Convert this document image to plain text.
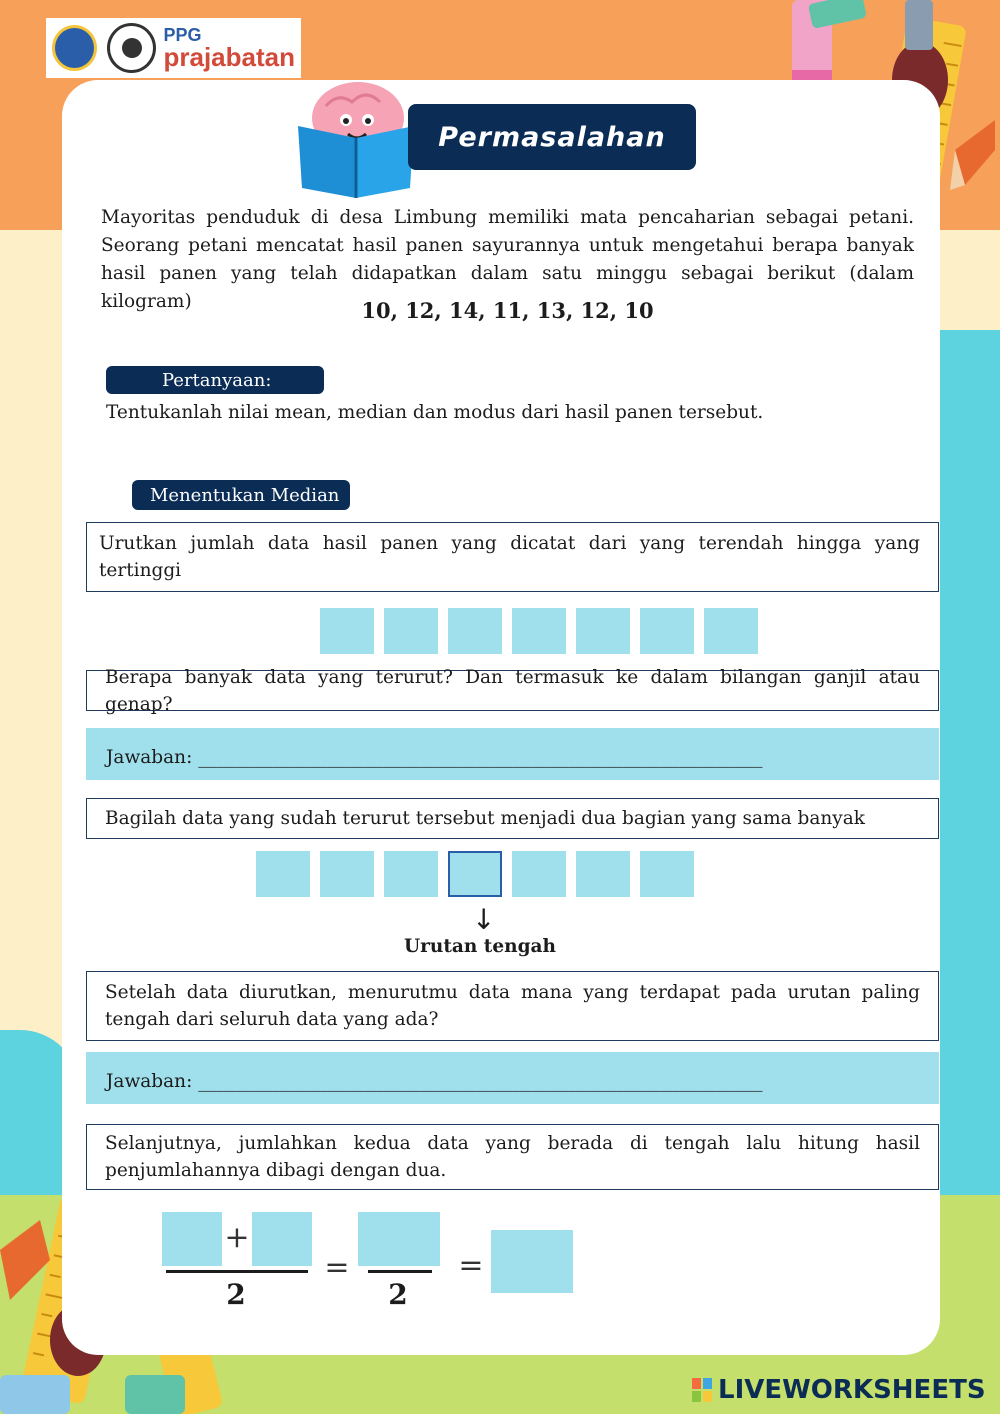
PPG
prajabatan
Permasalahan

Mayoritas penduduk di desa Limbung memiliki mata pencaharian sebagai petani. Seorang petani mencatat hasil panen sayurannya untuk mengetahui berapa banyak hasil panen yang telah didapatkan dalam satu minggu sebagai berikut (dalam kilogram)	10, 12, 14, 11, 13, 12, 10
Pertanyaan:

Tentukanlah nilai mean, median dan modus dari hasil panen tersebut.

Menentukan Median
Urutkan jumlah data hasil panen yang dicatat dari yang terendah hingga yang tertinggi
Berapa banyak data yang terurut? Dan termasuk ke dalam bilangan ganjil atau genap?
Jawaban: _____________________________________________________________
Bagilah data yang sudah terurut tersebut menjadi dua bagian yang sama banyak
↓
Urutan tengah
Setelah data diurutkan, menurutmu data mana yang terdapat pada urutan paling tengah dari seluruh data yang ada?
Jawaban: _____________________________________________________________
Selanjutnya, jumlahkan kedua data yang berada di tengah lalu hitung hasil penjumlahannya dibagi dengan dua.
+
2
=
2
=
LIVEWORKSHEETS
